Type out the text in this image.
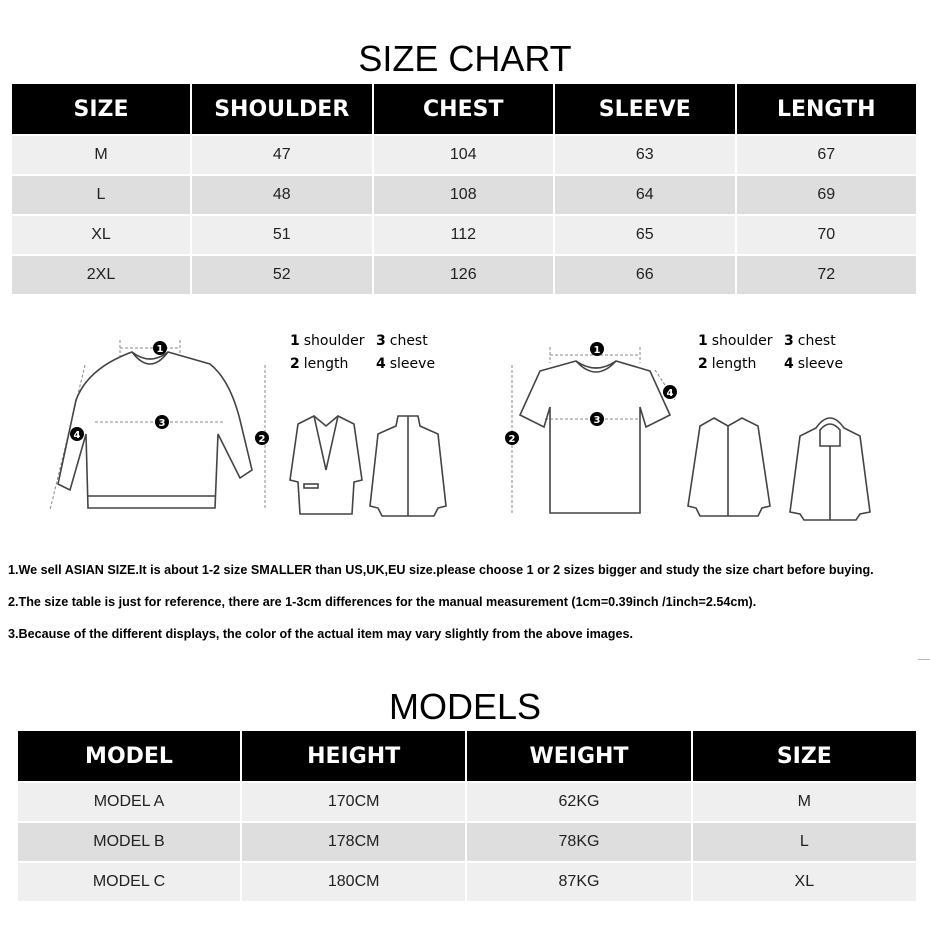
SIZE CHART
SIZE	SHOULDER	CHEST	SLEEVE	LENGTH
M	47	104	63	67
L	48	108	64	69
XL	51	112	65	70
2XL	52	126	66	72
1
2
3
4
1 shoulder 3 chest
2 length 4 sleeve
1
2
3
4
1 shoulder 3 chest
2 length 4 sleeve
1.We sell ASIAN SIZE.It is about 1-2 size SMALLER than US,UK,EU size.please choose 1 or 2 sizes bigger and study the size chart before buying.
2.The size table is just for reference, there are 1-3cm differences for the manual measurement (1cm=0.39inch /1inch=2.54cm).
3.Because of the different displays, the color of the actual item may vary slightly from the above images.
MODELS
MODEL	HEIGHT	WEIGHT	SIZE
MODEL A	170CM	62KG	M
MODEL B	178CM	78KG	L
MODEL C	180CM	87KG	XL
